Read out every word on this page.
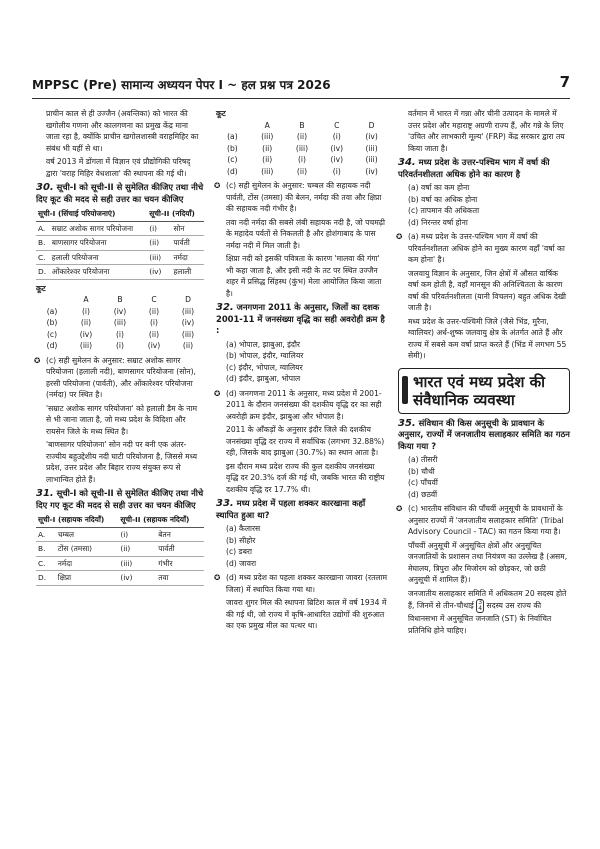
MPPSC (Pre) सामान्य अध्ययन पेपर I ~ हल प्रश्न पत्र 2026	7

प्राचीन काल से ही उज्जैन (अवन्तिका) को भारत की खगोलीय गणना और कालगणना का प्रमुख केंद्र माना जाता रहा है, क्योंकि प्राचीन खगोलशास्त्री वराहमिहिर का संबंध भी यहीं से था।

वर्ष 2013 में डोंगला में विज्ञान एवं प्रौद्योगिकी परिषद् द्वारा 'वराह मिहिर वेधशाला' की स्थापना की गई थी।

30. सूची-I को सूची-II से सुमेलित कीजिए तथा नीचे दिए कूट की मदद से सही उत्तर का चयन कीजिए
सूची-I (सिंचाई परियोजनाएं)		सूची-II (नदियाँ)	
A.	सम्राट अशोक सागर परियोजना	(i)	सोन
B.	बाणसागर परियोजना	(ii)	पार्वती
C.	हलाली परियोजना	(iii)	नर्मदा
D.	ओंकारेश्वर परियोजना	(iv)	हलाली
कूट
A	B	C	D
(a)	(i)	(iv)	(ii)	(iii)
(b)	(ii)	(iii)	(i)	(iv)
(c)	(iv)	(i)	(ii)	(iii)
(d)	(iii)	(i)	(iv)	(ii)

✪ (c) सही सुमेलन के अनुसार: सम्राट अशोक सागर परियोजना (हलाली नदी), बाणसागर परियोजना (सोन), हरसी परियोजना (पार्वती), और ओंकारेश्वर परियोजना (नर्मदा) पर स्थित है।

'सम्राट अशोक सागर परियोजना' को हलाली डैम के नाम से भी जाना जाता है, जो मध्य प्रदेश के विदिशा और रायसेन जिले के मध्य स्थित है।

'बाणसागर परियोजना' सोन नदी पर बनी एक अंतर-राज्यीय बहुउद्देशीय नदी घाटी परियोजना है, जिससे मध्य प्रदेश, उत्तर प्रदेश और बिहार राज्य संयुक्त रूप से लाभान्वित होते हैं।

31. सूची-I को सूची-II से सुमेलित कीजिए तथा नीचे दिए गए कूट की मदद से सही उत्तर का चयन कीजिए
सूची-I (सहायक नदियाँ)		सूची-II (सहायक नदियाँ)	
A.	चम्बल	(i)	बेतन
B.	टोंस (तमसा)	(ii)	पार्वती
C.	नर्मदा	(iii)	गंभीर
D.	क्षिप्रा	(iv)	तवा
कूट
A	B	C	D
(a)	(iii)	(ii)	(i)	(iv)
(b)	(ii)	(iii)	(iv)	(iii)
(c)	(ii)	(i)	(iv)	(iii)
(d)	(iii)	(ii)	(i)	(iv)

✪ (c) सही सुमेलन के अनुसार: चम्बल की सहायक नदी पार्वती, टोंस (तमसा) की बेलन, नर्मदा की तवा और क्षिप्रा की सहायक नदी गंभीर है।

तवा नदी नर्मदा की सबसे लंबी सहायक नदी है, जो पचमढ़ी के महादेव पर्वतों से निकलती है और होशंगाबाद के पास नर्मदा नदी में मिल जाती है।

क्षिप्रा नदी को इसकी पवित्रता के कारण 'मालवा की गंगा' भी कहा जाता है, और इसी नदी के तट पर स्थित उज्जैन शहर में प्रसिद्ध सिंहस्थ (कुंभ) मेला आयोजित किया जाता है।

32. जनगणना 2011 के अनुसार, जिलों का दशक 2001-11 में जनसंख्या वृद्धि का सही अवरोही क्रम है :
(a) भोपाल, झाबुआ, इंदौर
(b) भोपाल, इंदौर, ग्वालियर
(c) इंदौर, भोपाल, ग्वालियर
(d) इंदौर, झाबुआ, भोपाल

✪ (d) जनगणना 2011 के अनुसार, मध्य प्रदेश में 2001-2011 के दौरान जनसंख्या की दशकीय वृद्धि दर का सही अवरोही क्रम इंदौर, झाबुआ और भोपाल है।

2011 के आँकड़ों के अनुसार इंदौर जिले की दशकीय जनसंख्या वृद्धि दर राज्य में सर्वाधिक (लगभग 32.88%) रही, जिसके बाद झाबुआ (30.7%) का स्थान आता है।

इस दौरान मध्य प्रदेश राज्य की कुल दशकीय जनसंख्या वृद्धि दर 20.3% दर्ज की गई थी, जबकि भारत की राष्ट्रीय दशकीय वृद्धि दर 17.7% थी।

33. मध्य प्रदेश में पहला शक्कर कारखाना कहाँ स्थापित हुआ था?
(a) कैलारस
(b) सीहोर
(c) डबरा
(d) जावरा

✪ (d) मध्य प्रदेश का पहला शक्कर कारखाना जावरा (रतलाम जिला) में स्थापित किया गया था।

जावरा शुगर मिल की स्थापना ब्रिटिश काल में वर्ष 1934 में की गई थी, जो राज्य में कृषि-आधारित उद्योगों की शुरुआत का एक प्रमुख मील का पत्थर था।

वर्तमान में भारत में गन्ना और चीनी उत्पादन के मामले में उत्तर प्रदेश और महाराष्ट्र अग्रणी राज्य हैं, और गन्ने के लिए 'उचित और लाभकारी मूल्य' (FRP) केंद्र सरकार द्वारा तय किया जाता है।

34. मध्य प्रदेश के उत्तर-पश्चिम भाग में वर्षा की परिवर्तनशीलता अधिक होने का कारण है
(a) वर्षा का कम होना
(b) वर्षा का अधिक होना
(c) तापमान की अधिकता
(d) निरन्तर वर्षा होना

✪ (a) मध्य प्रदेश के उत्तर-पश्चिम भाग में वर्षा की परिवर्तनशीलता अधिक होने का मुख्य कारण वहाँ 'वर्षा का कम होना' है।

जलवायु विज्ञान के अनुसार, जिन क्षेत्रों में औसत वार्षिक वर्षा कम होती है, वहाँ मानसून की अनिश्चितता के कारण वर्षा की परिवर्तनशीलता (यानी विचलन) बहुत अधिक देखी जाती है।

मध्य प्रदेश के उत्तर-पश्चिमी जिले (जैसे भिंड, मुरैना, ग्वालियर) अर्ध-शुष्क जलवायु क्षेत्र के अंतर्गत आते हैं और राज्य में सबसे कम वर्षा प्राप्त करते हैं (भिंड में लगभग 55 सेमी)।

भारत एवं मध्य प्रदेश की संवैधानिक व्यवस्था
35. संविधान की किस अनुसूची के प्रावधान के अनुसार, राज्यों में जनजातीय सलाहकार समिति का गठन किया गया ?
(a) तीसरी
(b) चौथी
(c) पाँचवीं
(d) छठवीं

✪ (c) भारतीय संविधान की पाँचवीं अनुसूची के प्रावधानों के अनुसार राज्यों में 'जनजातीय सलाहकार समिति' (Tribal Advisory Council - TAC) का गठन किया गया है।

पाँचवीं अनुसूची में अनुसूचित क्षेत्रों और अनुसूचित जनजातियों के प्रशासन तथा नियंत्रण का उल्लेख है (असम, मेघालय, त्रिपुरा और मिजोरम को छोड़कर, जो छठी अनुसूची में शामिल हैं)।

जनजातीय सलाहकार समिति में अधिकतम 20 सदस्य होते हैं, जिनमें से तीन-चौथाई 3
4 सदस्य उस राज्य की विधानसभा में अनुसूचित जनजाति (ST) के निर्वाचित प्रतिनिधि होने चाहिए।
